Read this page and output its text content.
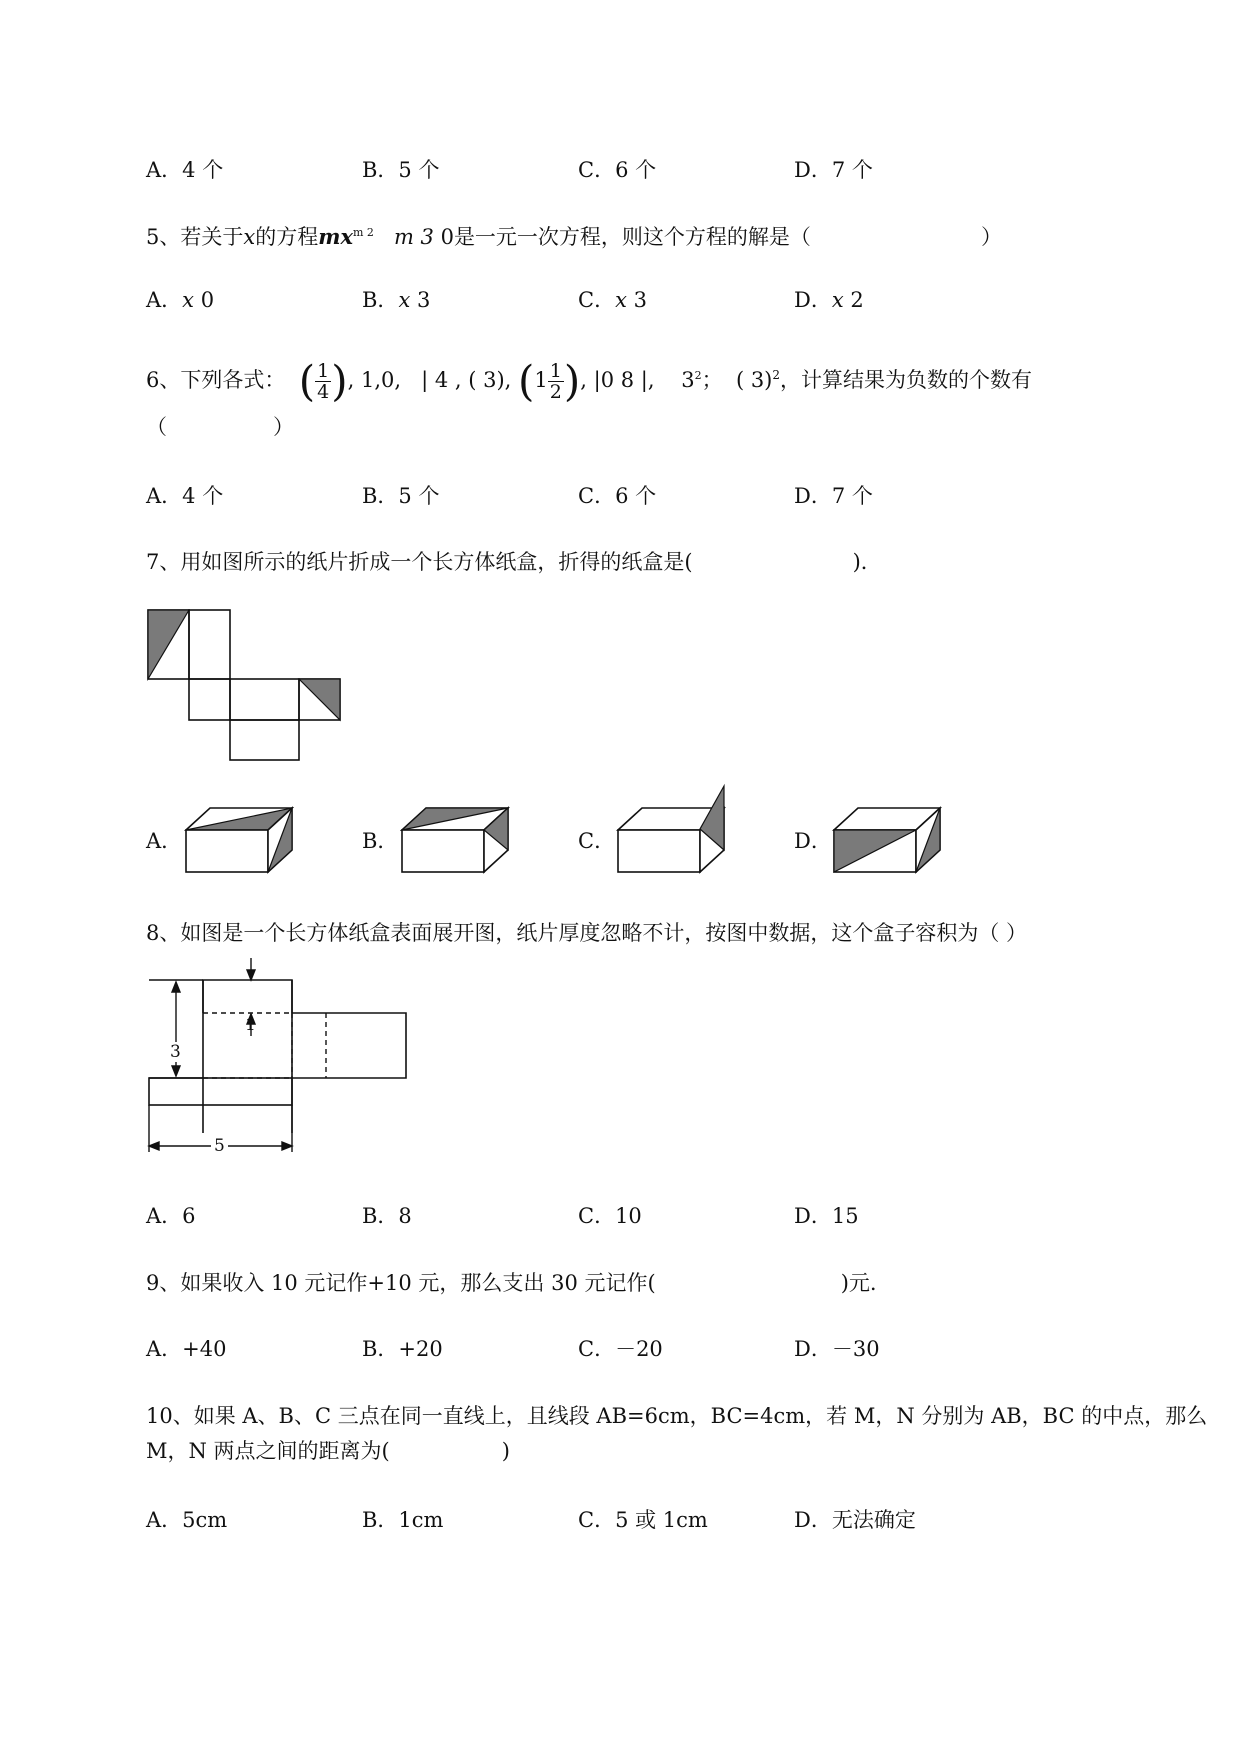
A．4 个	B．5 个	C．6 个	D．7 个
5、若关于x的方程$mx^{m 2}$ m 3 0是一元一次方程，则这个方程的解是（	）
A．x 0	B．x 3	C．x 3	D．x 2
6、下列各式： ( $\frac{1}{4}$ ), 1,0,   | 4 , ( 3), ($1 \frac{1}{2}$ ), |0 8 |, $3^2$； ( 3)$^2$，计算结果为负数的个数有
（	）
A．4 个	B．5 个	C．6 个	D．7 个
7、用如图所示的纸片折成一个长方体纸盒，折得的纸盒是(	)．
A．	B．	C．	D．
8、如图是一个长方体纸盒表面展开图，纸片厚度忽略不计，按图中数据，这个盒子容积为（ ）
3
1
5
A．6	B．8	C．10	D．15
9、如果收入 10 元记作+10 元，那么支出 30 元记作(	)元.
A．+40	B．+20	C．－20	D．－30
10、如果 A、B、C 三点在同一直线上，且线段 AB=6cm，BC=4cm，若 M，N 分别为 AB，BC 的中点，那么
M，N 两点之间的距离为(	)
A．5cm	B．1cm	C．5 或 1cm	D．无法确定
